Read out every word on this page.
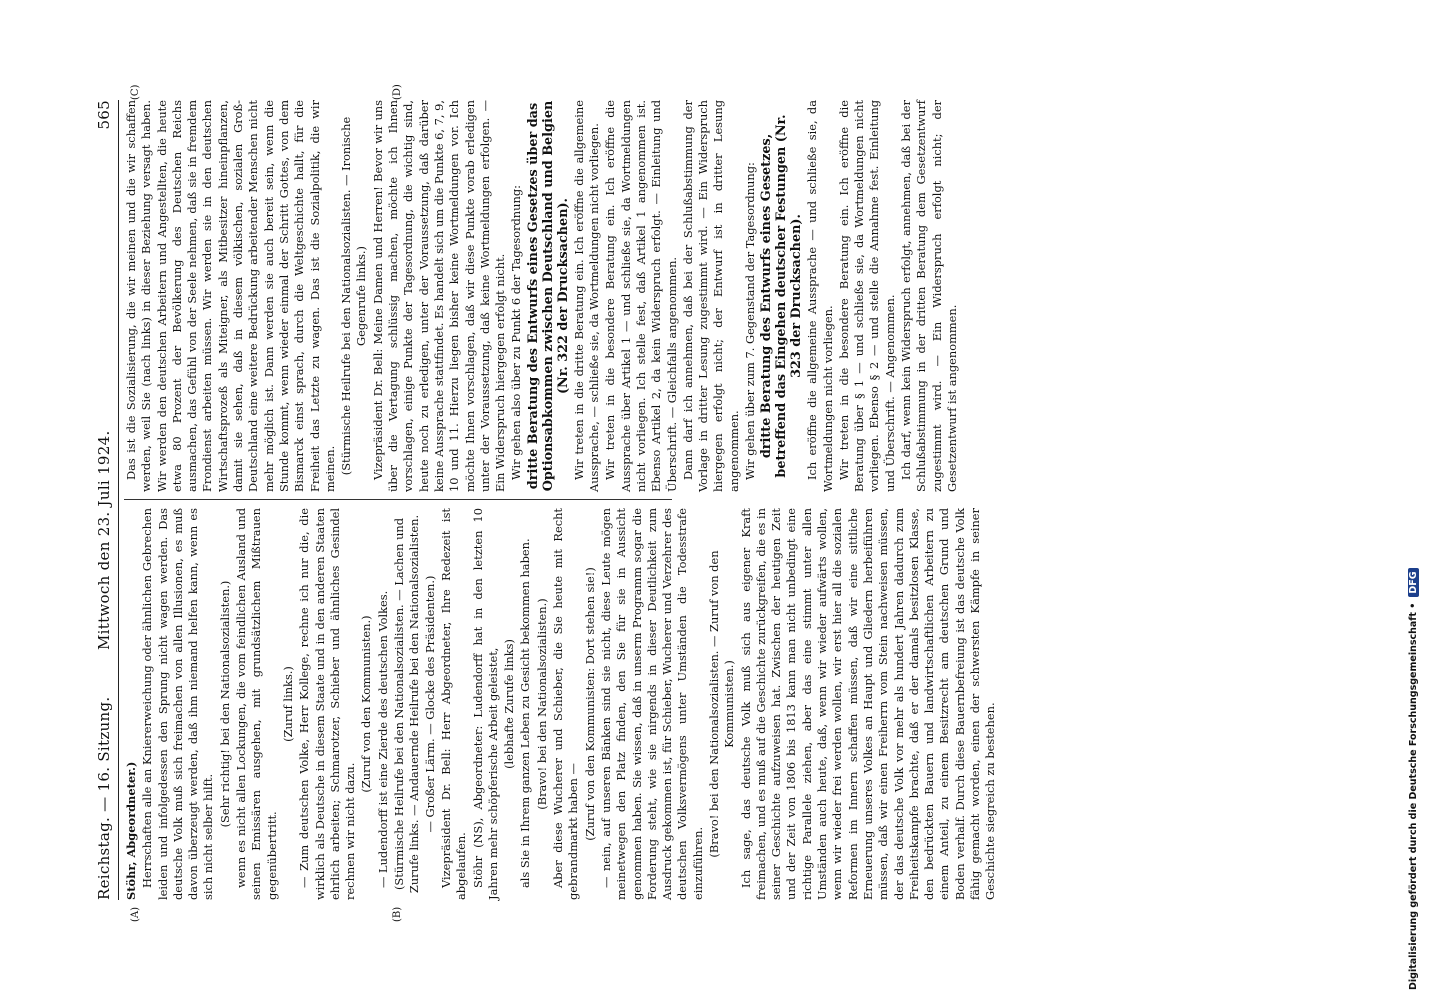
Reichstag. — 16. Sitzung.
Mittwoch den 23. Juli 1924.
565

Stöhr, Abgeordneter.) Herrschaften alle an Kniererweichung oder ähnlichen Gebrechen leiden und infolgedessen den Sprung nicht wagen werden. Das deutsche Volk muß sich freimachen von allen Illusionen, es muß davon überzeugt werden, daß ihm niemand helfen kann, wenn es sich nicht selber hilft.

(Sehr richtig! bei den Nationalsozialisten.) wenn es nicht allen Lockungen, die vom feindlichen Ausland und seinen Emissären ausgehen, mit grundsätzlichem Mißtrauen gegenübertritt.

(Zuruf links.) — Zum deutschen Volke, Herr Kollege, rechne ich nur die, die wirklich als Deutsche in diesem Staate und in den anderen Staaten ehrlich arbeiten; Schmarotzer, Schieber und ähnliches Gesindel rechnen wir nicht dazu.

(Zuruf von den Kommunisten.) — Ludendorff ist eine Zierde des deutschen Volkes. (Stürmische Heilrufe bei den Nationalsozialisten. — Lachen und Zurufe links. — Andauernde Heilrufe bei den Nationalsozialisten. — Großer Lärm. — Glocke des Präsidenten.) Vizepräsident Dr. Bell: Herr Abgeordneter, Ihre Redezeit ist abgelaufen. Stöhr (NS), Abgeordneter: Ludendorff hat in den letzten 10 Jahren mehr schöpferische Arbeit geleistet, (lebhafte Zurufe links) als Sie in Ihrem ganzen Leben zu Gesicht bekommen haben. (Bravo! bei den Nationalsozialisten.) Aber diese Wucherer und Schieber, die Sie heute mit Recht gebrandmarkt haben — (Zuruf von den Kommunisten: Dort stehen sie!) — nein, auf unseren Bänken sind sie nicht, diese Leute mögen meinetwegen den Platz finden, den Sie für sie in Aussicht genommen haben. Sie wissen, daß in unserm Programm sogar die Forderung steht, wie sie nirgends in dieser Deutlichkeit zum Ausdruck gekommen ist, für Schieber, Wucherer und Verzehrer des deutschen Volksvermögens unter Umständen die Todesstrafe einzuführen.

(Bravo! bei den Nationalsozialisten. — Zuruf von den Kommunisten.) Ich sage, das deutsche Volk muß sich aus eigener Kraft freimachen, und es muß auf die Geschichte zurückgreifen, die es in seiner Geschichte aufzuweisen hat. Zwischen der heutigen Zeit und der Zeit von 1806 bis 1813 kann man nicht unbedingt eine richtige Parallele ziehen, aber das eine stimmt unter allen Umständen auch heute, daß, wenn wir wieder aufwärts wollen, wenn wir wieder frei werden wollen, wir erst hier all die sozialen Reformen im Innern schaffen müssen, daß wir eine sittliche Erneuerung unseres Volkes an Haupt und Gliedern herbeiführen müssen, daß wir einen Freiherrn vom Stein nachweisen müssen, der das deutsche Volk vor mehr als hundert Jahren dadurch zum Freiheitskampfe brachte, daß er der damals besitzlosen Klasse, den bedrückten Bauern und landwirtschaftlichen Arbeitern zu einem Anteil, zu einem Besitzrecht am deutschen Grund und Boden verhalf. Durch diese Bauernbefreiung ist das deutsche Volk fähig gemacht worden, einen der schwersten Kämpfe in seiner Geschichte siegreich zu bestehen.

Das ist die Sozialisierung, die wir meinen und die wir schaffen werden, weil Sie (nach links) in dieser Beziehung versagt haben. Wir werden den deutschen Arbeitern und Angestellten, die heute etwa 80 Prozent der Bevölkerung des Deutschen Reichs ausmachen, das Gefühl von der Seele nehmen, daß sie in fremdem Frondienst arbeiten müssen. Wir werden sie in den deutschen Wirtschaftsprozeß als Miteigner, als Mitbesitzer hineinpflanzen, damit sie sehen, daß in diesem völkischen, sozialen Groß-Deutschland eine weitere Bedrückung arbeitender Menschen nicht mehr möglich ist. Dann werden sie auch bereit sein, wenn die Stunde kommt, wenn wieder einmal der Schritt Gottes, von dem Bismarck einst sprach, durch die Weltgeschichte hallt, für die Freiheit das Letzte zu wagen. Das ist die Sozialpolitik, die wir meinen. (Stürmische Heilrufe bei den Nationalsozialisten. — Ironische Gegenrufe links.) Vizepräsident Dr. Bell: Meine Damen und Herren! Bevor wir uns über die Vertagung schlüssig machen, möchte ich Ihnen vorschlagen, einige Punkte der Tagesordnung, die wichtig sind, heute noch zu erledigen, unter der Voraussetzung, daß darüber keine Aussprache stattfindet. Es handelt sich um die Punkte 6, 7, 9, 10 und 11. Hierzu liegen bisher keine Wortmeldungen vor. Ich möchte Ihnen vorschlagen, daß wir diese Punkte vorab erledigen unter der Voraussetzung, daß keine Wortmeldungen erfolgen. — Ein Widerspruch hiergegen erfolgt nicht. Wir gehen also über zu Punkt 6 der Tagesordnung: dritte Beratung des Entwurfs eines Gesetzes über das Optionsabkommen zwischen Deutschland und Belgien (Nr. 322 der Drucksachen). Wir treten in die dritte Beratung ein. Ich eröffne die allgemeine Aussprache, — schließe sie, da Wortmeldungen nicht vorliegen. Wir treten in die besondere Beratung ein. Ich eröffne die Aussprache über Artikel 1 — und schließe sie, da Wortmeldungen nicht vorliegen. Ich stelle fest, daß Artikel 1 angenommen ist. Ebenso Artikel 2, da kein Widerspruch erfolgt. — Einleitung und Überschrift. — Gleichfalls angenommen. Dann darf ich annehmen, daß bei der Schlußabstimmung der Vorlage in dritter Lesung zugestimmt wird. — Ein Widerspruch hiergegen erfolgt nicht; der Entwurf ist in dritter Lesung angenommen. Wir gehen über zum 7. Gegenstand der Tagesordnung: dritte Beratung des Entwurfs eines Gesetzes, betreffend das Eingehen deutscher Festungen (Nr. 323 der Drucksachen). Ich eröffne die allgemeine Aussprache — und schließe sie, da Wortmeldungen nicht vorliegen. Wir treten in die besondere Beratung ein. Ich eröffne die Beratung über § 1 — und schließe sie, da Wortmeldungen nicht vorliegen. Ebenso § 2 — und stelle die Annahme fest. Einleitung und Überschrift. — Angenommen. Ich darf, wenn kein Widerspruch erfolgt, annehmen, daß bei der Schlußabstimmung in der dritten Beratung dem Gesetzentwurf zugestimmt wird. — Ein Widerspruch erfolgt nicht; der Gesetzentwurf ist angenommen.

(A)	(B)
(C)	(D)
Digitalisierung gefördert durch die Deutsche Forschungsgemeinschaft •DFG
